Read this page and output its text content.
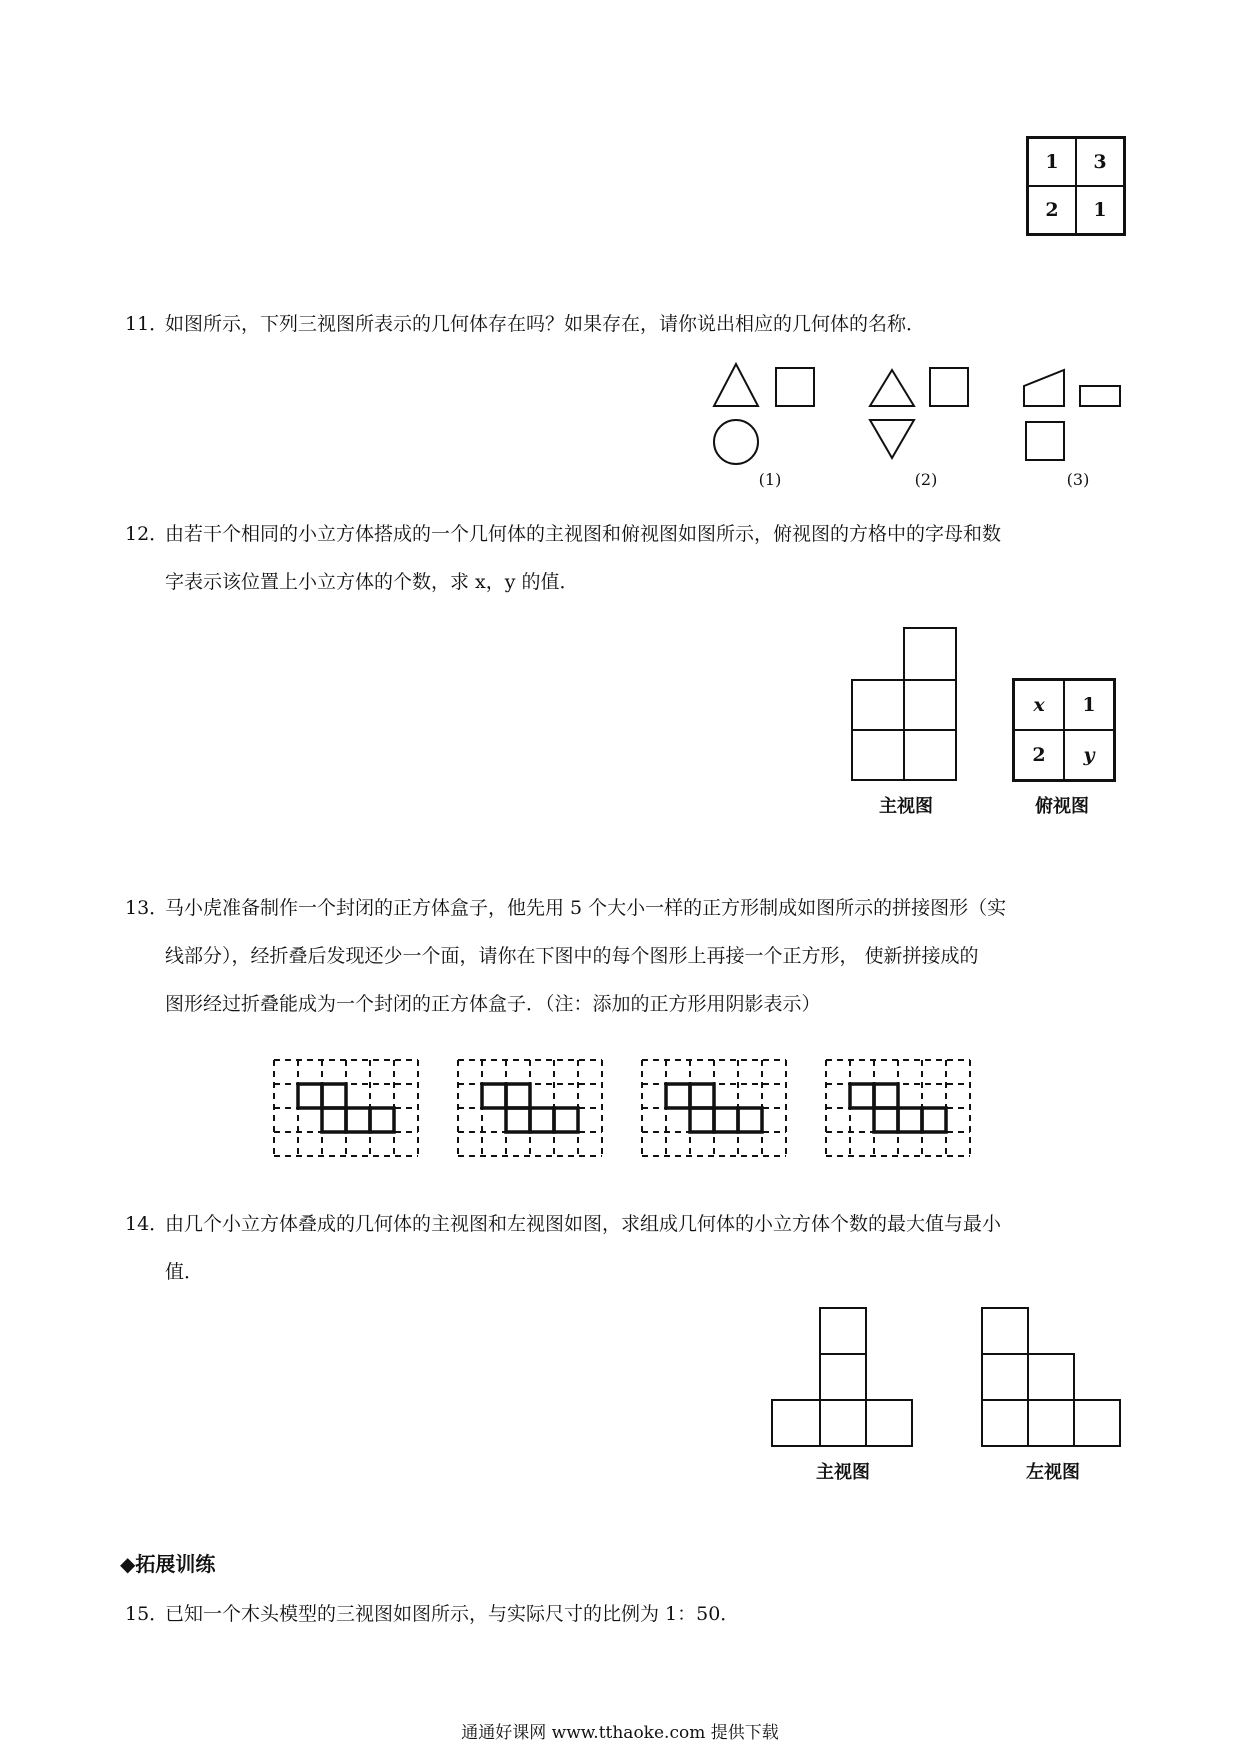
1	3
2	1
11．如图所示，下列三视图所表示的几何体存在吗？如果存在，请你说出相应的几何体的名称．
(1)	(2)	(3)
12．由若干个相同的小立方体搭成的一个几何体的主视图和俯视图如图所示，俯视图的方格中的字母和数
字表示该位置上小立方体的个数，求 x，y 的值．
主视图
x	1
2	y
俯视图
13．马小虎准备制作一个封闭的正方体盒子，他先用 5 个大小一样的正方形制成如图所示的拼接图形（实
线部分），经折叠后发现还少一个面，请你在下图中的每个图形上再接一个正方形， 使新拼接成的
图形经过折叠能成为一个封闭的正方体盒子．（注：添加的正方形用阴影表示）
14．由几个小立方体叠成的几何体的主视图和左视图如图，求组成几何体的小立方体个数的最大值与最小
值．
主视图	左视图
◆拓展训练
15．已知一个木头模型的三视图如图所示，与实际尺寸的比例为 1：50．
通通好课网 www.tthaoke.com 提供下载
